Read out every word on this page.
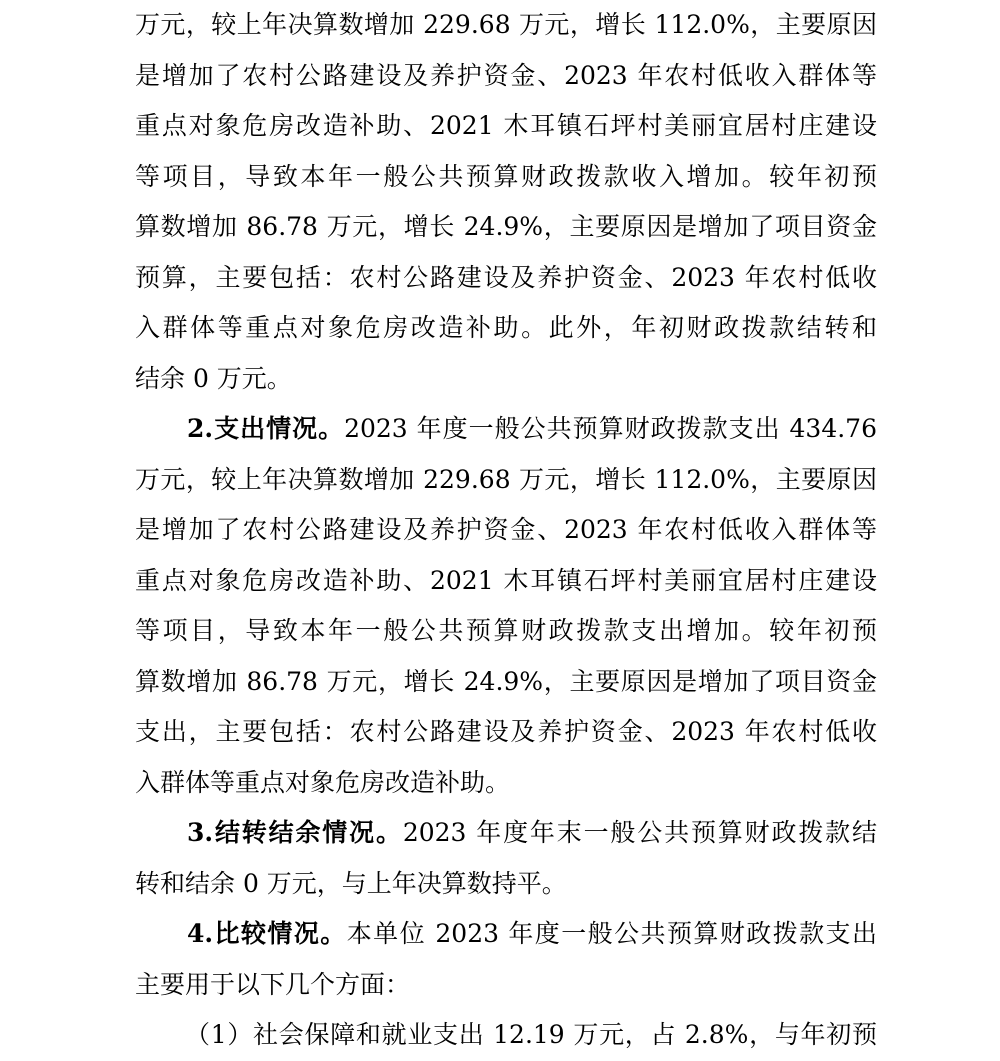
万元，较上年决算数增加 229.68 万元，增长 112.0%，主要原因
是增加了农村公路建设及养护资金、2023 年农村低收入群体等
重点对象危房改造补助、2021 木耳镇石坪村美丽宜居村庄建设
等项目，导致本年一般公共预算财政拨款收入增加。较年初预
算数增加 86.78 万元，增长 24.9%，主要原因是增加了项目资金
预算，主要包括：农村公路建设及养护资金、2023 年农村低收
入群体等重点对象危房改造补助。此外，年初财政拨款结转和
结余 0 万元。
2.支出情况。2023 年度一般公共预算财政拨款支出 434.76
万元，较上年决算数增加 229.68 万元，增长 112.0%，主要原因
是增加了农村公路建设及养护资金、2023 年农村低收入群体等
重点对象危房改造补助、2021 木耳镇石坪村美丽宜居村庄建设
等项目，导致本年一般公共预算财政拨款支出增加。较年初预
算数增加 86.78 万元，增长 24.9%，主要原因是增加了项目资金
支出，主要包括：农村公路建设及养护资金、2023 年农村低收
入群体等重点对象危房改造补助。
3.结转结余情况。2023 年度年末一般公共预算财政拨款结
转和结余 0 万元，与上年决算数持平。
4.比较情况。本单位 2023 年度一般公共预算财政拨款支出
主要用于以下几个方面：
（1）社会保障和就业支出 12.19 万元，占 2.8%，与年初预
